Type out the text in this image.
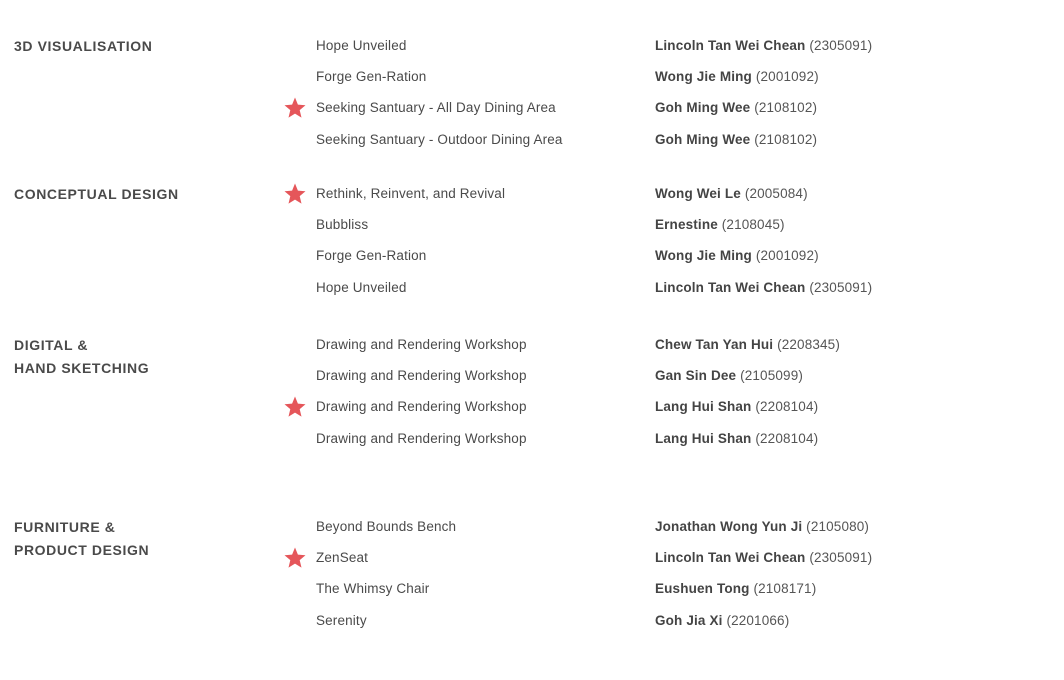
3D VISUALISATION	Hope Unveiled	Lincoln Tan Wei Chean (2305091)
Forge Gen-Ration	Wong Jie Ming (2001092)
Seeking Santuary - All Day Dining Area	Goh Ming Wee (2108102)
Seeking Santuary - Outdoor Dining Area	Goh Ming Wee (2108102)
CONCEPTUAL DESIGN	Rethink, Reinvent, and Revival	Wong Wei Le (2005084)
Bubbliss	Ernestine (2108045)
Forge Gen-Ration	Wong Jie Ming (2001092)
Hope Unveiled	Lincoln Tan Wei Chean (2305091)
DIGITAL &
HAND SKETCHING
Drawing and Rendering Workshop	Chew Tan Yan Hui (2208345)
Drawing and Rendering Workshop	Gan Sin Dee (2105099)
Drawing and Rendering Workshop	Lang Hui Shan (2208104)
Drawing and Rendering Workshop	Lang Hui Shan (2208104)
FURNITURE &
PRODUCT DESIGN
Beyond Bounds Bench	Jonathan Wong Yun Ji (2105080)
ZenSeat	Lincoln Tan Wei Chean (2305091)
The Whimsy Chair	Eushuen Tong (2108171)
Serenity	Goh Jia Xi (2201066)
